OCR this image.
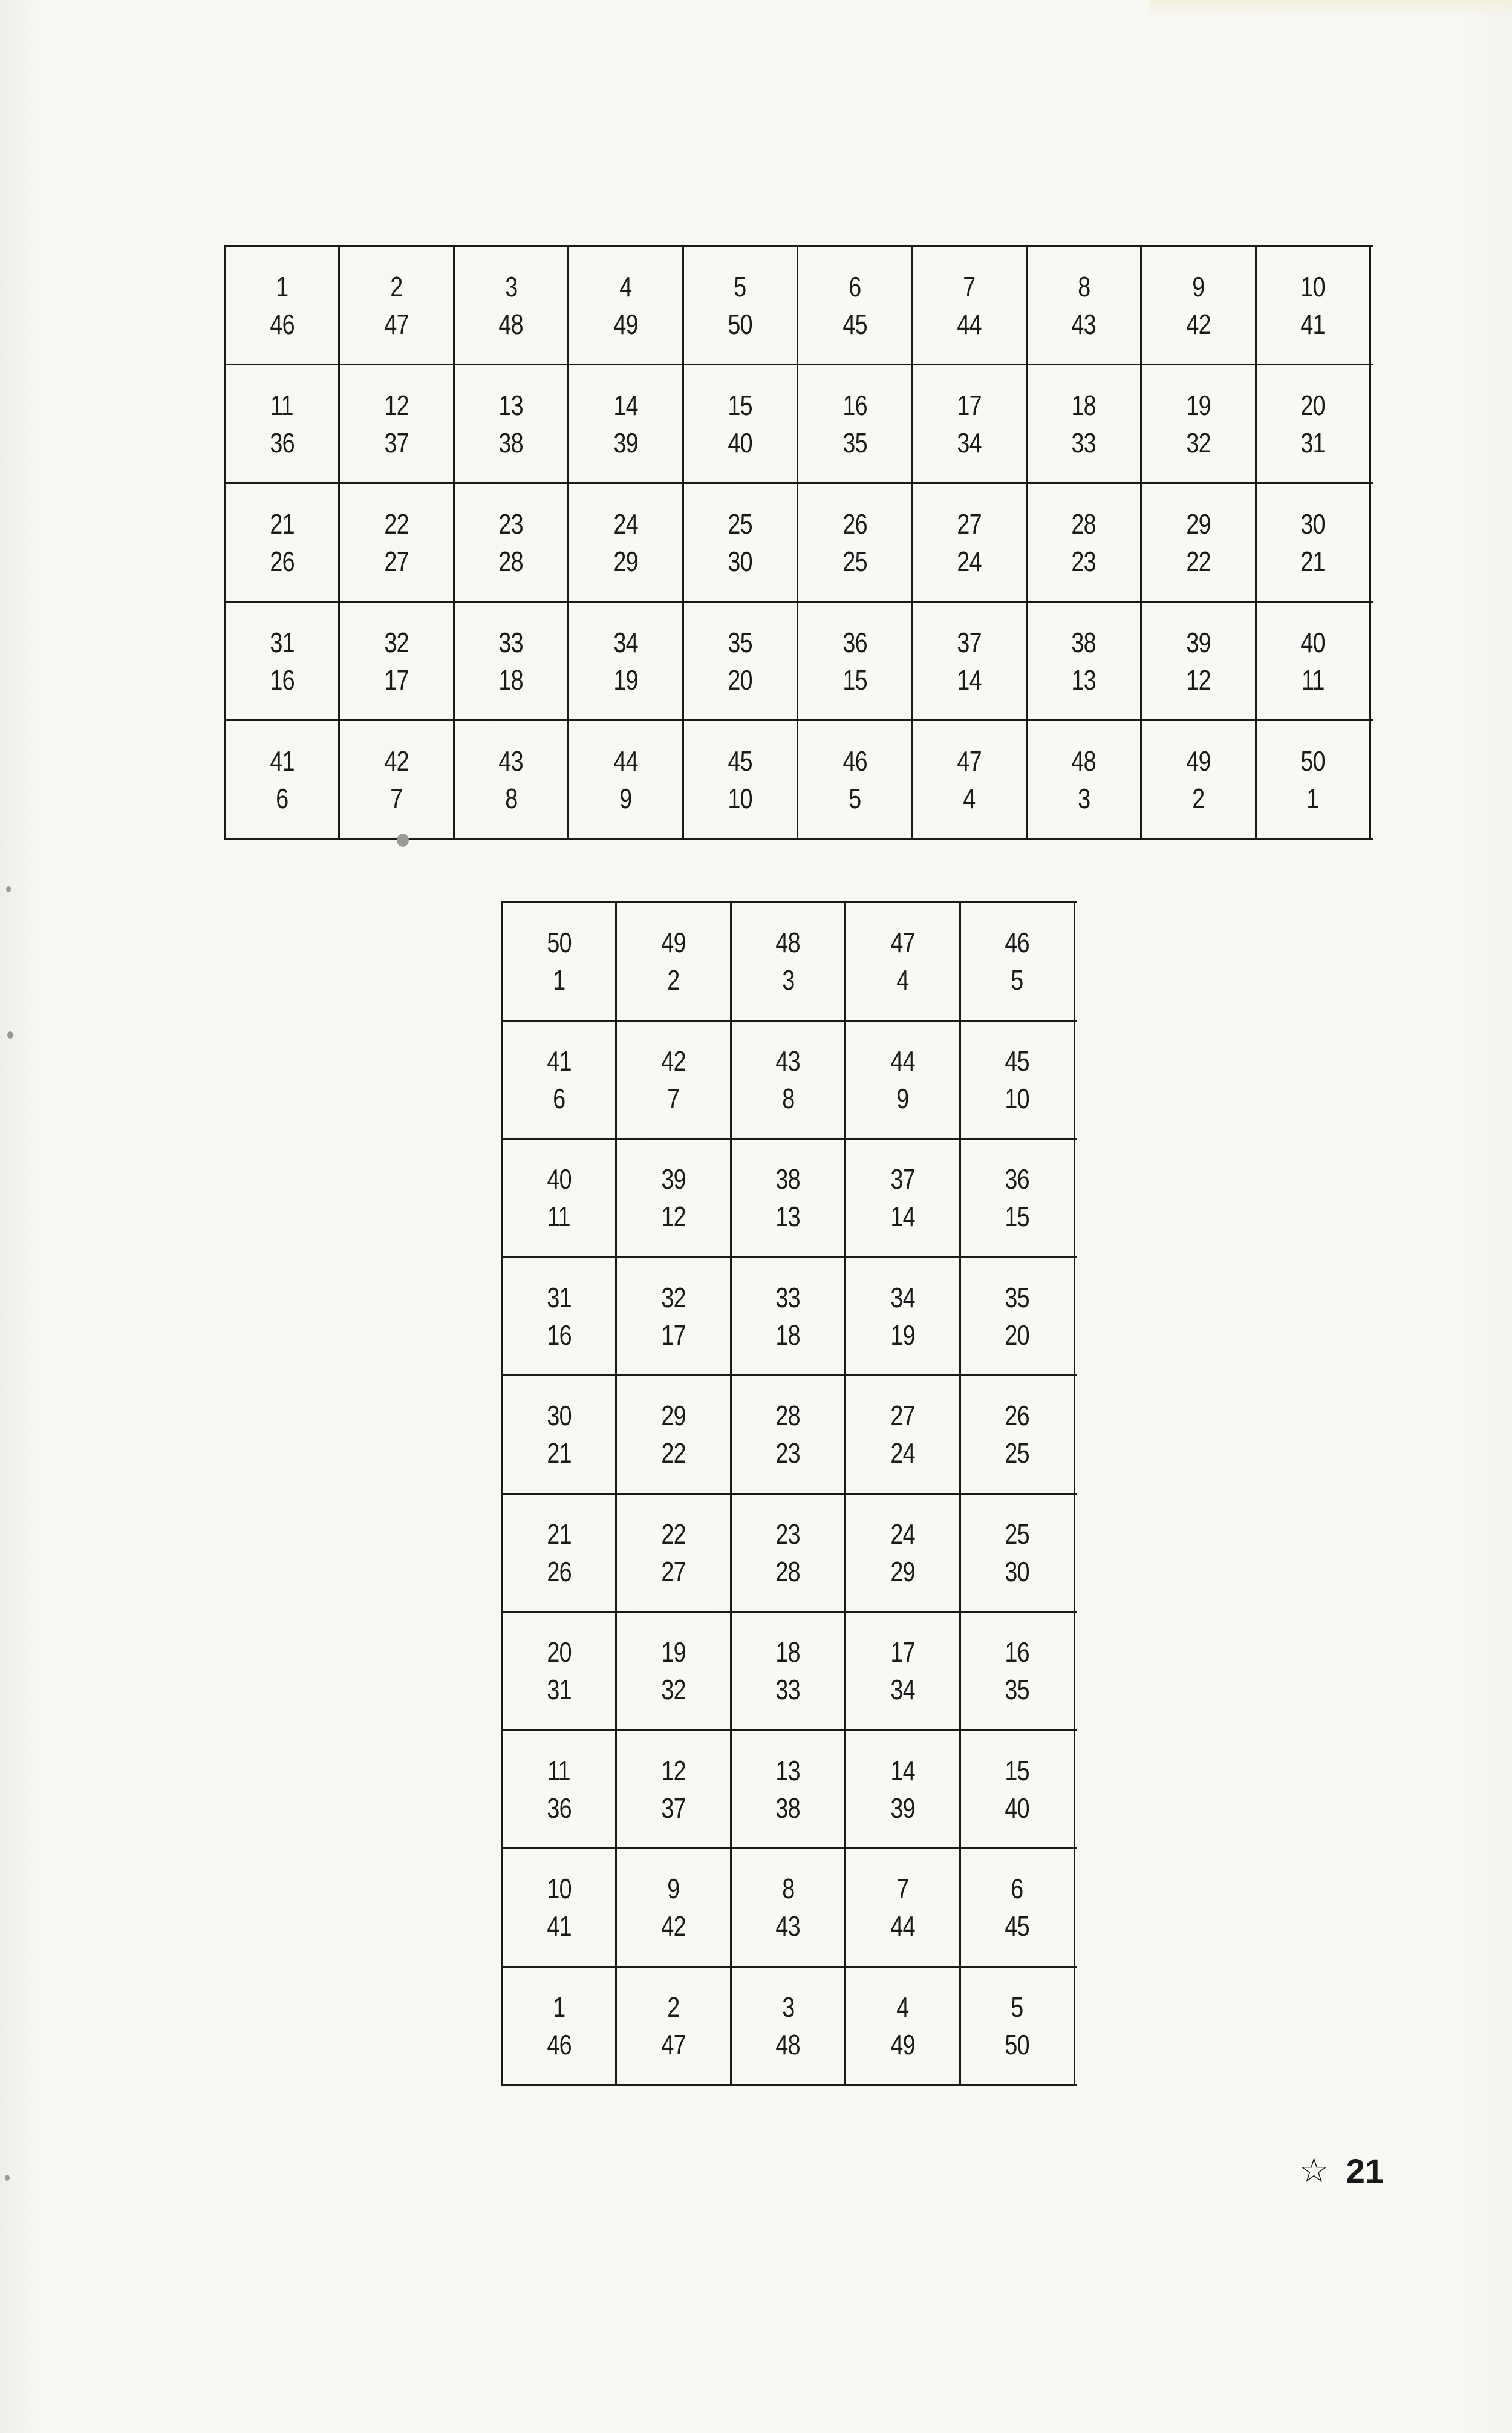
1
46
2
47
3
48
4
49
5
50
6
45
7
44
8
43
9
42
10
41
11
36
12
37
13
38
14
39
15
40
16
35
17
34
18
33
19
32
20
31
21
26
22
27
23
28
24
29
25
30
26
25
27
24
28
23
29
22
30
21
31
16
32
17
33
18
34
19
35
20
36
15
37
14
38
13
39
12
40
11
41
6
42
7
43
8
44
9
45
10
46
5
47
4
48
3
49
2
50
1
50
1
49
2
48
3
47
4
46
5
41
6
42
7
43
8
44
9
45
10
40
11
39
12
38
13
37
14
36
15
31
16
32
17
33
18
34
19
35
20
30
21
29
22
28
23
27
24
26
25
21
26
22
27
23
28
24
29
25
30
20
31
19
32
18
33
17
34
16
35
11
36
12
37
13
38
14
39
15
40
10
41
9
42
8
43
7
44
6
45
1
46
2
47
3
48
4
49
5
50
☆ 21
